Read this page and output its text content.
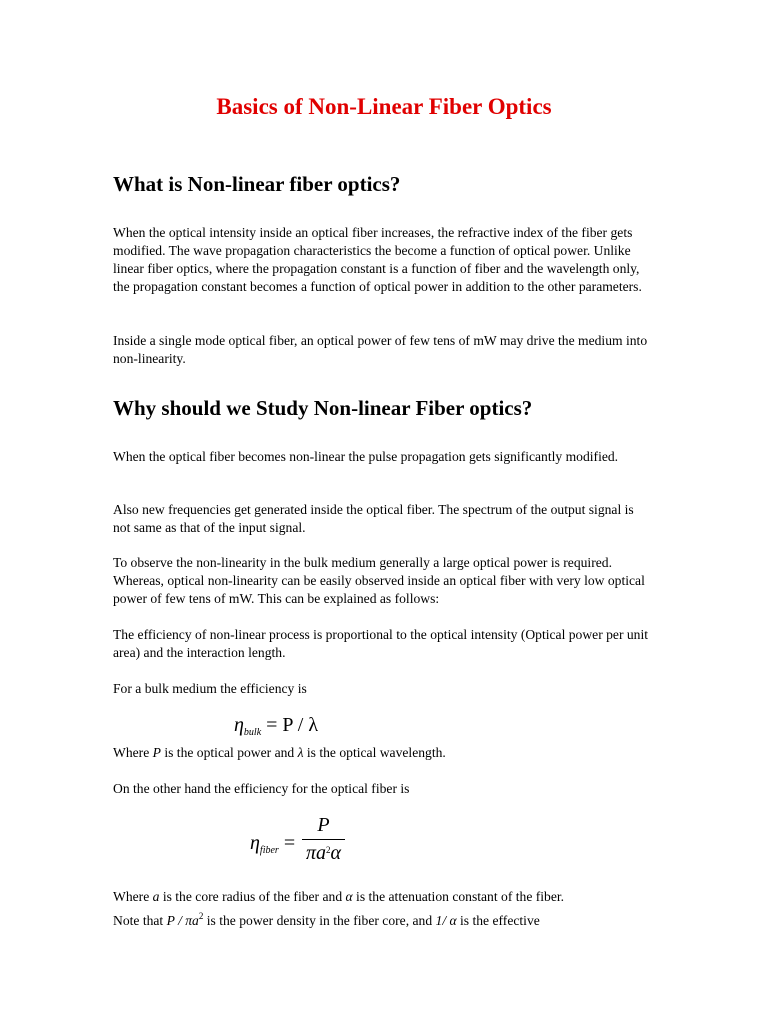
Basics of Non-Linear Fiber Optics
What is Non-linear fiber optics?
When the optical intensity inside an optical fiber increases, the refractive index of the fiber gets modified. The wave propagation characteristics the become a function of optical power. Unlike linear fiber optics, where the propagation constant is a function of fiber and the wavelength only, the propagation constant becomes a function of optical power in addition to the other parameters.
Inside a single mode optical fiber, an optical power of few tens of mW may drive the medium into non-linearity.
Why should we Study Non-linear Fiber optics?
When the optical fiber becomes non-linear the pulse propagation gets significantly modified.
Also new frequencies get generated inside the optical fiber. The spectrum of the output signal is not same as that of the input signal.
To observe the non-linearity in the bulk medium generally a large optical power is required. Whereas, optical non-linearity can be easily observed inside an optical fiber with very low optical power of few tens of mW. This can be explained as follows:
The efficiency of non-linear process is proportional to the optical intensity (Optical power per unit area) and the interaction length.
For a bulk medium the efficiency is
$\eta_{bulk} = P / \lambda$
Where P is the optical power and λ is the optical wavelength.
On the other hand the efficiency for the optical fiber is
$\eta_{fiber}$ =
P
$\pi a^2\alpha$
Where a is the core radius of the fiber and α is the attenuation constant of the fiber.
Note that P / $\pi a^2$ is the power density in the fiber core, and 1/ α is the effective
